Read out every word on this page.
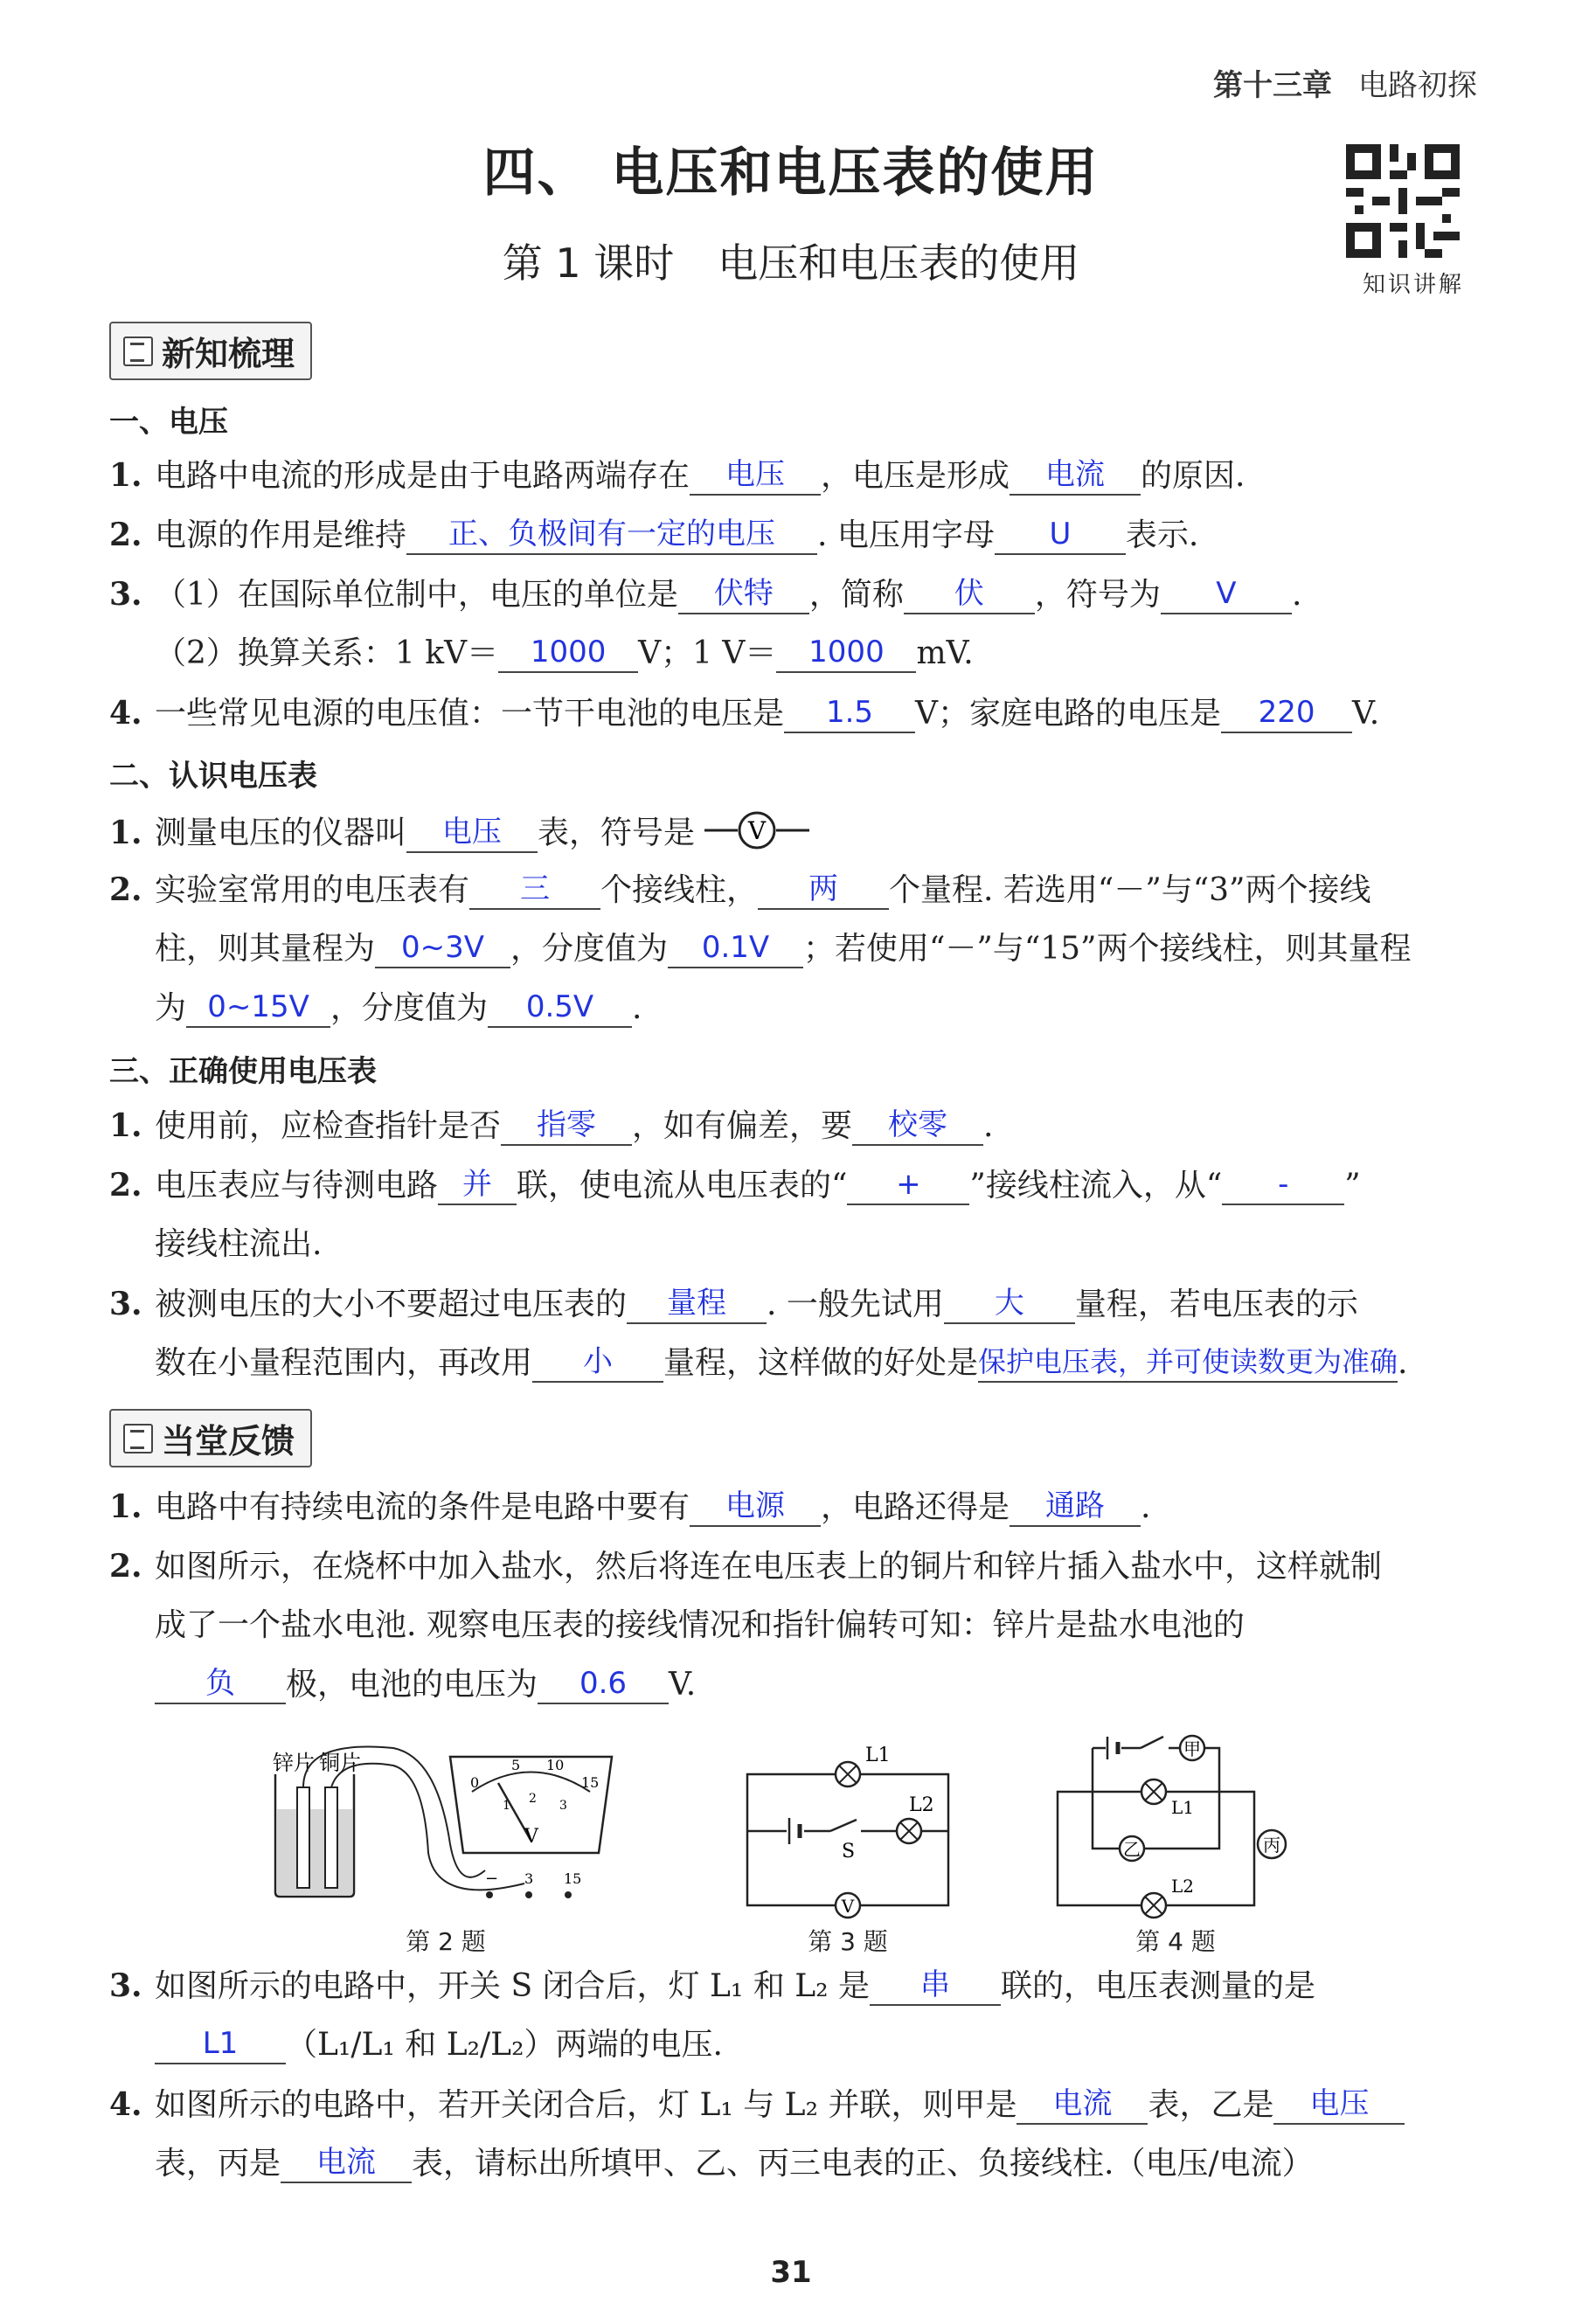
第十三章 电路初探
四、 电压和电压表的使用
第 1 课时 电压和电压表的使用	知识讲解
新知梳理
一、电压
1. 电路中电流的形成是由于电路两端存在 电压 ，电压是形成 电流 的原因.
2. 电源的作用是维持 正、负极间有一定的电压 . 电压用字母 U 表示.
3. （1）在国际单位制中，电压的单位是 伏特 ，简称 伏 ，符号为 V .
（2）换算关系：1 kV＝ 1000 V；1 V＝ 1000 mV.
4. 一些常见电源的电压值：一节干电池的电压是 1.5 V；家庭电路的电压是 220 V.
二、认识电压表
1. 测量电压的仪器叫 电压 表，符号是 V
2. 实验室常用的电压表有 三 个接线柱， 两 个量程. 若选用“－”与“3”两个接线
柱，则其量程为 0~3V ，分度值为 0.1V ；若使用“－”与“15”两个接线柱，则其量程
为 0~15V ，分度值为 0.5V .
三、正确使用电压表
1. 使用前，应检查指针是否 指零 ，如有偏差，要 校零 .
2. 电压表应与待测电路 并 联，使电流从电压表的“ + ”接线柱流入，从“ - ”
接线柱流出.
3. 被测电压的大小不要超过电压表的 量程 . 一般先试用 大 量程，若电压表的示
数在小量程范围内，再改用 小 量程，这样做的好处是保护电压表，并可使读数更为准确.
当堂反馈
1. 电路中有持续电流的条件是电路中要有 电源 ，电路还得是 通路 .
2. 如图所示，在烧杯中加入盐水，然后将连在电压表上的铜片和锌片插入盐水中，这样就制
成了一个盐水电池. 观察电压表的接线情况和指针偏转可知：锌片是盐水电池的
负 极，电池的电压为 0.6 V.
锌片 铜片
0
5 10
15
1 2 3
V
− 3 15
第 2 题
L1
L2
S
V
第 3 题
甲
L1
乙
L2
丙
第 4 题
3. 如图所示的电路中，开关 S 闭合后，灯 L₁ 和 L₂ 是 串 联的，电压表测量的是
L1 （L₁/L₁ 和 L₂/L₂）两端的电压.
4. 如图所示的电路中，若开关闭合后，灯 L₁ 与 L₂ 并联，则甲是 电流 表，乙是 电压
表，丙是 电流 表，请标出所填甲、乙、丙三电表的正、负接线柱.（电压/电流）
31
